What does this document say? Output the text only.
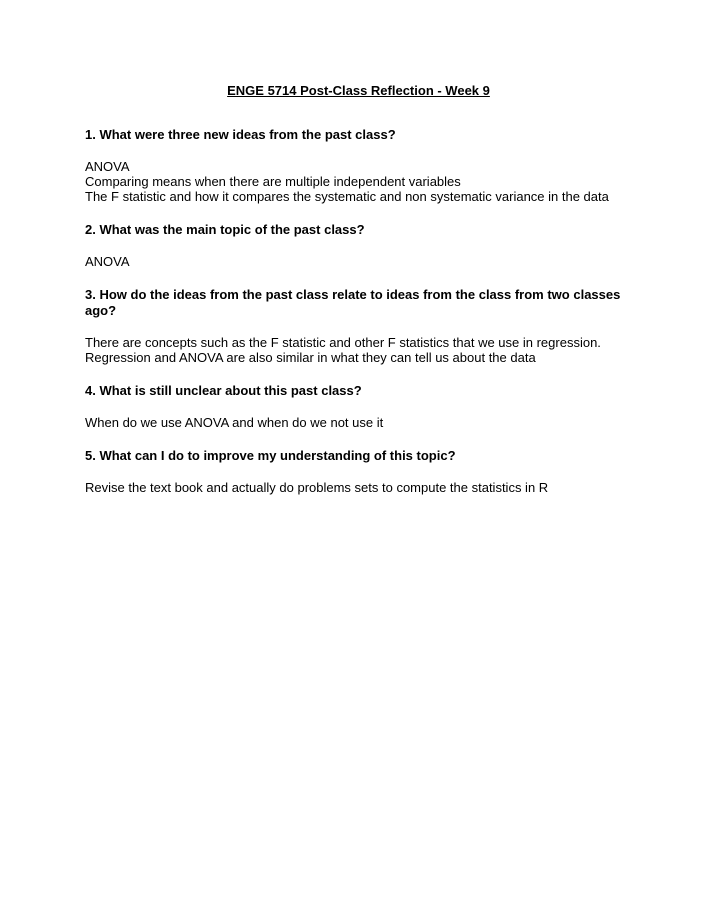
ENGE 5714 Post-Class Reflection - Week 9
1. What were three new ideas from the past class?
ANOVA
Comparing means when there are multiple independent variables
The F statistic and how it compares the systematic and non systematic variance in the data
2. What was the main topic of the past class?
ANOVA
3. How do the ideas from the past class relate to ideas from the class from two classes ago?
There are concepts such as the F statistic and other F statistics that we use in regression.
Regression and ANOVA are also similar in what they can tell us about the data
4. What is still unclear about this past class?
When do we use ANOVA and when do we not use it
5. What can I do to improve my understanding of this topic?
Revise the text book and actually do problems sets to compute the statistics in R
